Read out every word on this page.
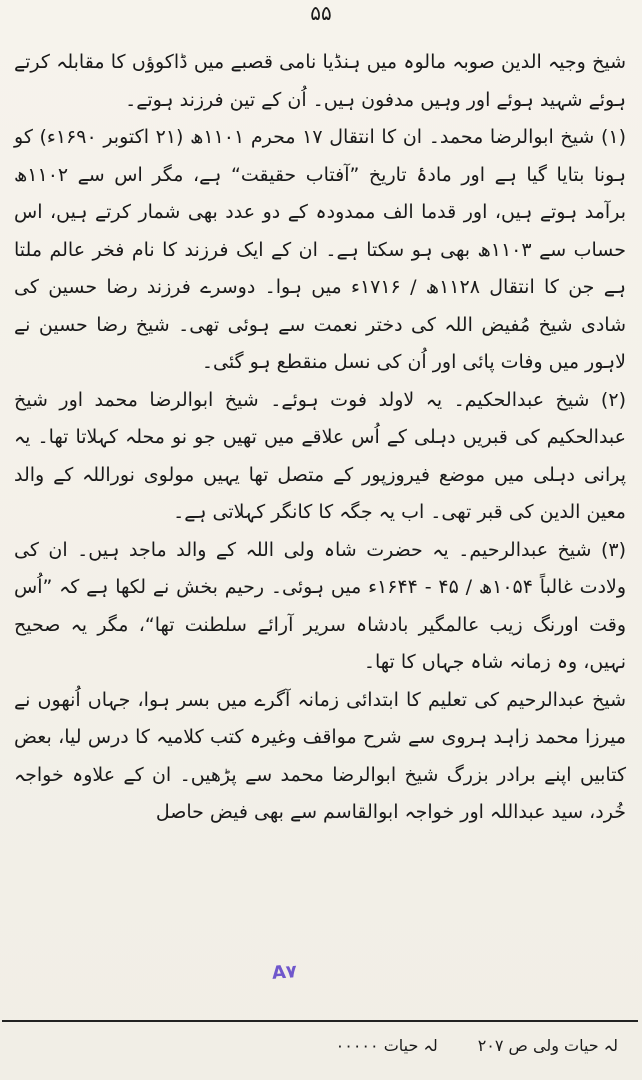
۵۵

شیخ وجیہ الدین صوبہ مالوہ میں ہنڈیا نامی قصبے میں ڈاکوؤں کا مقابلہ کرتے ہوئے شہید ہوئے اور وہیں مدفون ہیں۔ اُن کے تین فرزند ہوتے۔

(۱) شیخ ابوالرضا محمد۔ ان کا انتقال ۱۷ محرم ۱۱۰۱ھ (۲۱ اکتوبر ۱۶۹۰ء) کو ہونا بتایا گیا ہے اور مادۂ تاریخ ”آفتاب حقیقت“ ہے، مگر اس سے ۱۱۰۲ھ برآمد ہوتے ہیں، اور قدما الف ممدودہ کے دو عدد بھی شمار کرتے ہیں، اس حساب سے ۱۱۰۳ھ بھی ہو سکتا ہے۔ ان کے ایک فرزند کا نام فخر عالم ملتا ہے جن کا انتقال ۱۱۲۸ھ / ۱۷۱۶ء میں ہوا۔ دوسرے فرزند رضا حسین کی شادی شیخ مُفیض اللہ کی دختر نعمت سے ہوئی تھی۔ شیخ رضا حسین نے لاہور میں وفات پائی اور اُن کی نسل منقطع ہو گئی۔

(۲) شیخ عبدالحکیم۔ یہ لاولد فوت ہوئے۔ شیخ ابوالرضا محمد اور شیخ عبدالحکیم کی قبریں دہلی کے اُس علاقے میں تھیں جو نو محلہ کہلاتا تھا۔ یہ پرانی دہلی میں موضع فیروزپور کے متصل تھا یہیں مولوی نوراللہ کے والد معین الدین کی قبر تھی۔ اب یہ جگہ کا کانگر کہلاتی ہے۔

(۳) شیخ عبدالرحیم۔ یہ حضرت شاہ ولی اللہ کے والد ماجد ہیں۔ ان کی ولادت غالباً ۱۰۵۴ھ / ۴۵ - ۱۶۴۴ء میں ہوئی۔ رحیم بخش نے لکھا ہے کہ ”اُس وقت اورنگ زیب عالمگیر بادشاہ سریر آرائے سلطنت تھا“، مگر یہ صحیح نہیں، وہ زمانہ شاہ جہاں کا تھا۔

شیخ عبدالرحیم کی تعلیم کا ابتدائی زمانہ آگرے میں بسر ہوا، جہاں اُنھوں نے میرزا محمد زاہد ہروی سے شرح مواقف وغیرہ کتب کلامیہ کا درس لیا، بعض کتابیں اپنے برادر بزرگ شیخ ابوالرضا محمد سے پڑھیں۔ ان کے علاوہ خواجہ خُرد، سید عبداللہ اور خواجہ ابوالقاسم سے بھی فیض حاصل

A۷
لہ حیات ولی ص ۲۰۷
لہ حیات ۰۰۰۰۰
